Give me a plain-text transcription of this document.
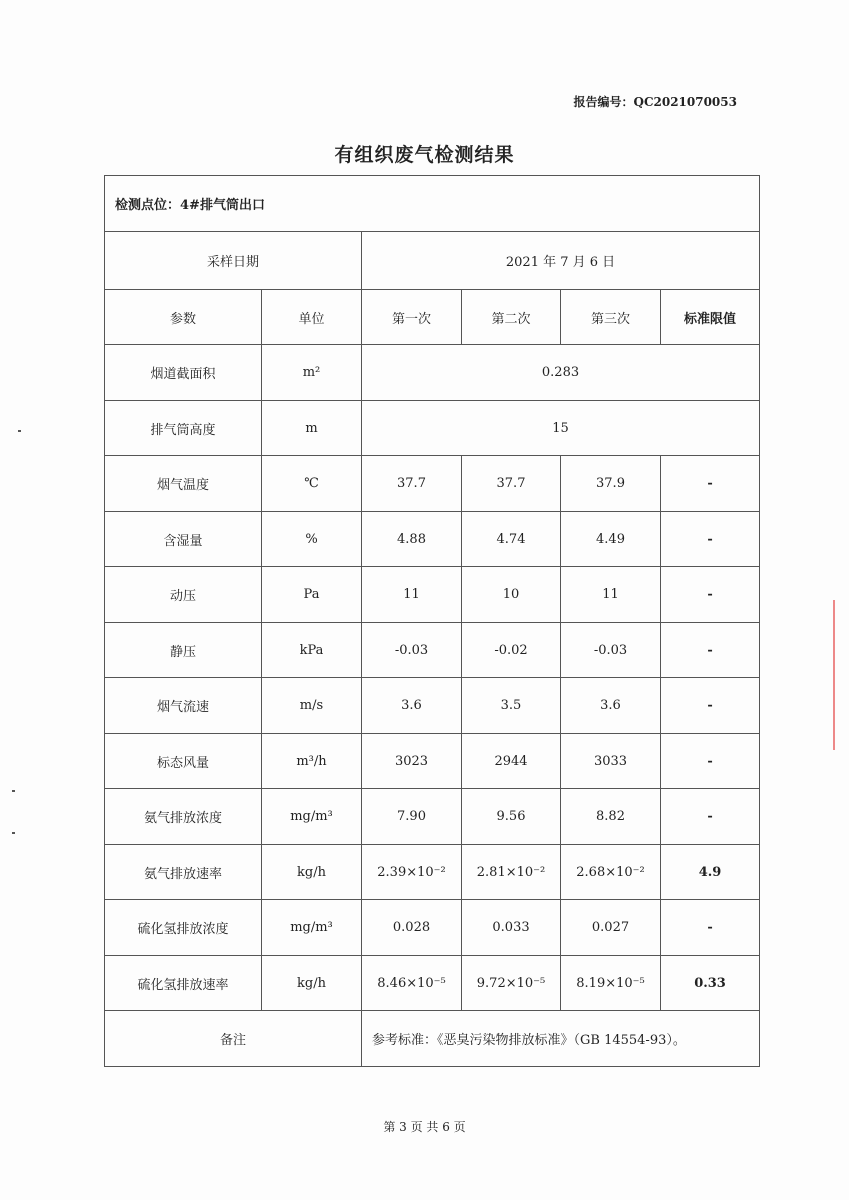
报告编号：QC2021070053
有组织废气检测结果
检测点位：4#排气筒出口					
采样日期		2021 年 7 月 6 日			
参数	单位	第一次	第二次	第三次	标准限值
烟道截面积	m²	0.283			
排气筒高度	m	15			
烟气温度	℃	37.7	37.7	37.9	-
含湿量	%	4.88	4.74	4.49	-
动压	Pa	11	10	11	-
静压	kPa	-0.03	-0.02	-0.03	-
烟气流速	m/s	3.6	3.5	3.6	-
标态风量	m³/h	3023	2944	3033	-
氨气排放浓度	mg/m³	7.90	9.56	8.82	-
氨气排放速率	kg/h	2.39×10⁻²	2.81×10⁻²	2.68×10⁻²	4.9
硫化氢排放浓度	mg/m³	0.028	0.033	0.027	-
硫化氢排放速率	kg/h	8.46×10⁻⁵	9.72×10⁻⁵	8.19×10⁻⁵	0.33
备注		参考标准：《恶臭污染物排放标准》（GB 14554-93）。			
第 3 页 共 6 页
